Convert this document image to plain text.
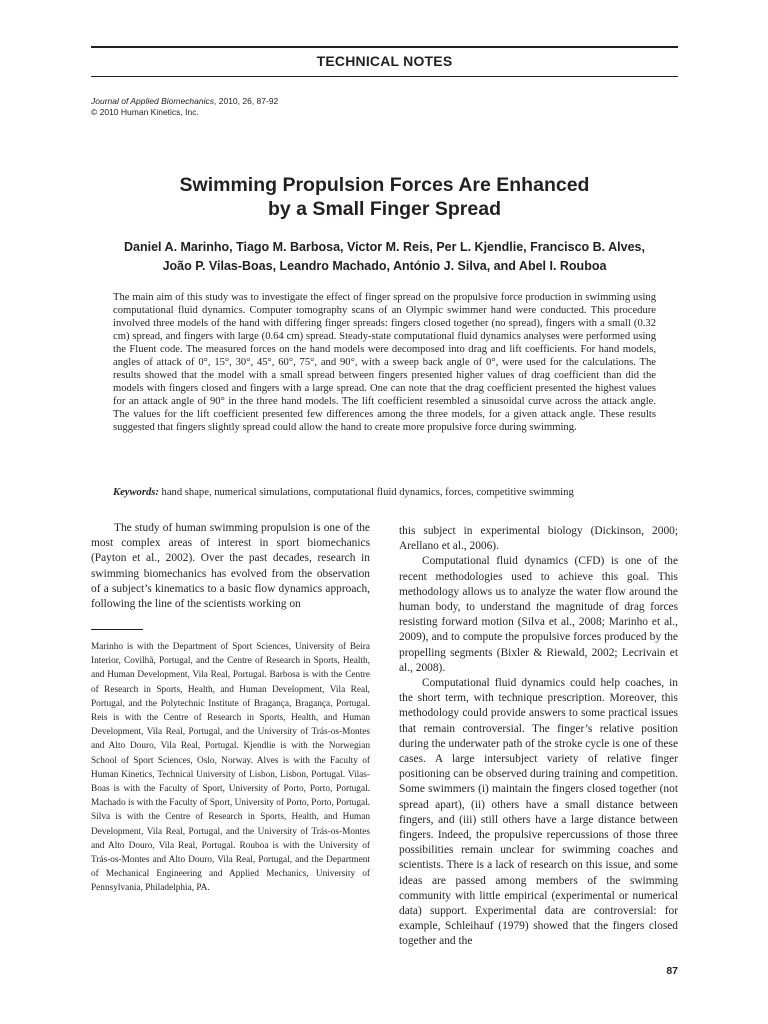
TECHNICAL NOTES
Journal of Applied Biomechanics, 2010, 26, 87-92
© 2010 Human Kinetics, Inc.
Swimming Propulsion Forces Are Enhanced
by a Small Finger Spread
Daniel A. Marinho, Tiago M. Barbosa, Victor M. Reis, Per L. Kjendlie, Francisco B. Alves,
João P. Vilas-Boas, Leandro Machado, António J. Silva, and Abel I. Rouboa
The main aim of this study was to investigate the effect of finger spread on the propulsive force production in swimming using computational fluid dynamics. Computer tomography scans of an Olympic swimmer hand were conducted. This procedure involved three models of the hand with differing finger spreads: fingers closed together (no spread), fingers with a small (0.32 cm) spread, and fingers with large (0.64 cm) spread. Steady-state computational fluid dynamics analyses were performed using the Fluent code. The measured forces on the hand models were decomposed into drag and lift coefficients. For hand models, angles of attack of 0°, 15°, 30°, 45°, 60°, 75°, and 90°, with a sweep back angle of 0°, were used for the calculations. The results showed that the model with a small spread between fingers presented higher values of drag coefficient than did the models with fingers closed and fingers with a large spread. One can note that the drag coefficient presented the highest values for an attack angle of 90° in the three hand models. The lift coefficient resembled a sinusoidal curve across the attack angle. The values for the lift coefficient presented few differences among the three models, for a given attack angle. These results suggested that fingers slightly spread could allow the hand to create more propulsive force during swimming.
Keywords: hand shape, numerical simulations, computational fluid dynamics, forces, competitive swimming

The study of human swimming propulsion is one of the most complex areas of interest in sport biomechanics (Payton et al., 2002). Over the past decades, research in swimming biomechanics has evolved from the observation of a subject’s kinematics to a basic flow dynamics approach, following the line of the scientists working on

Marinho is with the Department of Sport Sciences, University of Beira Interior, Covilhã, Portugal, and the Centre of Research in Sports, Health, and Human Development, Vila Real, Portugal. Barbosa is with the Centre of Research in Sports, Health, and Human Development, Vila Real, Portugal, and the Polytechnic Institute of Bragança, Bragança, Portugal. Reis is with the Centre of Research in Sports, Health, and Human Development, Vila Real, Portugal, and the University of Trás-os-Montes and Alto Douro, Vila Real, Portugal. Kjendlie is with the Norwegian School of Sport Sciences, Oslo, Norway. Alves is with the Faculty of Human Kinetics, Technical University of Lisbon, Lisbon, Portugal. Vilas-Boas is with the Faculty of Sport, University of Porto, Porto, Portugal. Machado is with the Faculty of Sport, University of Porto, Porto, Portugal. Silva is with the Centre of Research in Sports, Health, and Human Development, Vila Real, Portugal, and the University of Trás-os-Montes and Alto Douro, Vila Real, Portugal. Rouboa is with the University of Trás-os-Montes and Alto Douro, Vila Real, Portugal, and the Department of Mechanical Engineering and Applied Mechanics, University of Pennsylvania, Philadelphia, PA.

this subject in experimental biology (Dickinson, 2000; Arellano et al., 2006).

Computational fluid dynamics (CFD) is one of the recent methodologies used to achieve this goal. This methodology allows us to analyze the water flow around the human body, to understand the magnitude of drag forces resisting forward motion (Silva et al., 2008; Marinho et al., 2009), and to compute the propulsive forces produced by the propelling segments (Bixler & Riewald, 2002; Lecrivain et al., 2008).

Computational fluid dynamics could help coaches, in the short term, with technique prescription. Moreover, this methodology could provide answers to some practical issues that remain controversial. The finger’s relative position during the underwater path of the stroke cycle is one of these cases. A large intersubject variety of relative finger positioning can be observed during training and competition. Some swimmers (i) maintain the fingers closed together (not spread apart), (ii) others have a small distance between fingers, and (iii) still others have a large distance between fingers. Indeed, the propulsive repercussions of those three possibilities remain unclear for swimming coaches and scientists. There is a lack of research on this issue, and some ideas are passed among members of the swimming community with little empirical (experimental or numerical data) support. Experimental data are controversial: for example, Schleihauf (1979) showed that the fingers closed together and the

87
